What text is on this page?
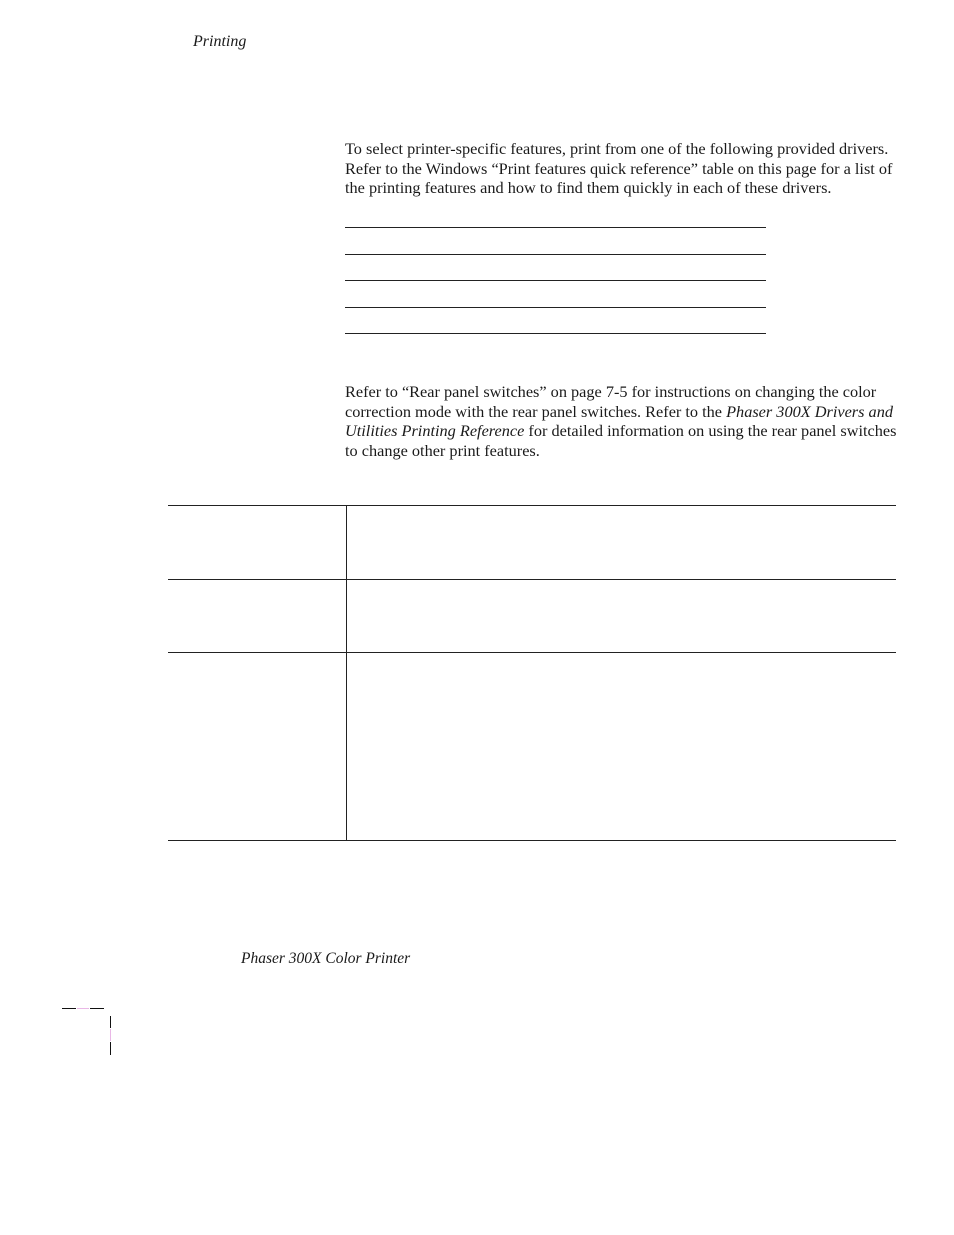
Printing

To select printer-specific features, print from one of the following provided drivers. Refer to the Windows “Print features quick reference” table on this page for a list of the printing features and how to find them quickly in each of these drivers.

Refer to “Rear panel switches” on page 7-5 for instructions on changing the color correction mode with the rear panel switches. Refer to the Phaser 300X Drivers and Utilities Printing Reference for detailed information on using the rear panel switches to change other print features.

Phaser 300X Color Printer
